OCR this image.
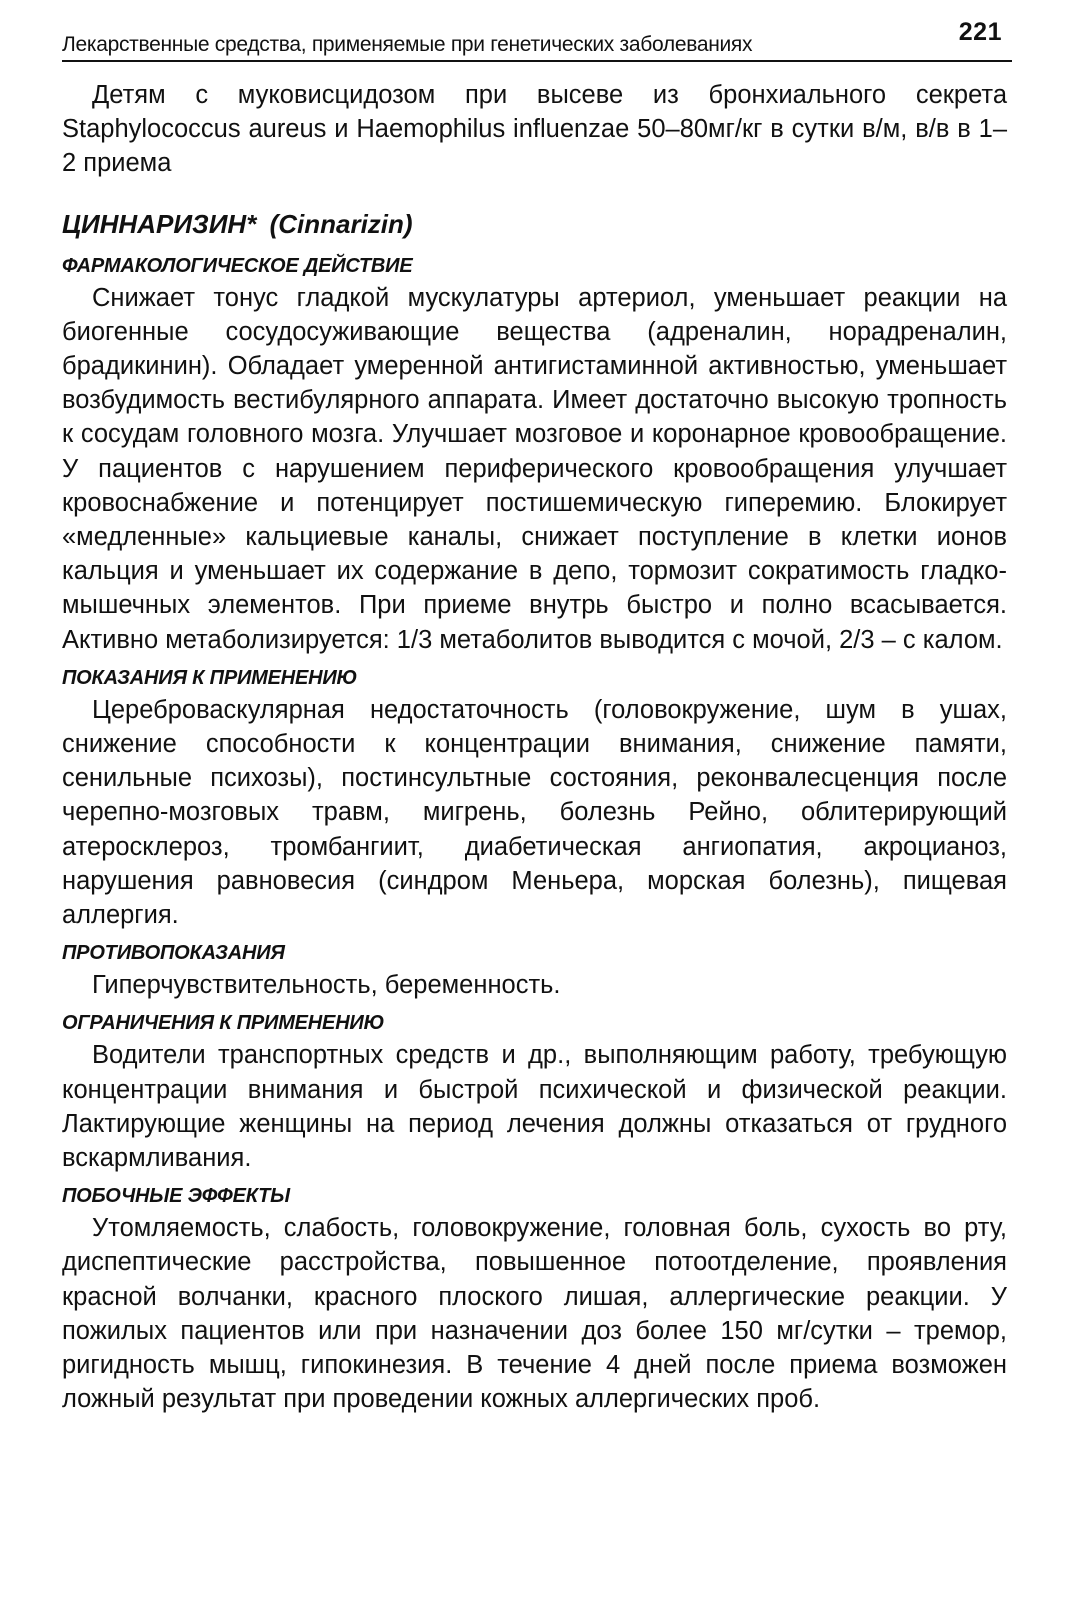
Лекарственные средства, применяемые при генетических заболеваниях	221

Детям с муковисцидозом при высеве из бронхиального секрета Staphylococcus aureus и Haemophilus influenzae 50–80мг/кг в сутки в/м, в/в в 1–2 приема

ЦИННАРИЗИН* (Cinnarizin)
ФАРМАКОЛОГИЧЕСКОЕ ДЕЙСТВИЕ

Снижает тонус гладкой мускулатуры артериол, уменьшает реакции на биогенные сосудосуживающие вещества (адреналин, норадреналин, брадикинин). Обладает умеренной антигистаминной активностью, уменьшает возбудимость вестибулярного аппарата. Имеет достаточно высокую тропность к сосудам головного мозга. Улучшает мозговое и коронарное кровообращение. У пациентов с нарушением периферического кровообращения улучшает кровоснабжение и потенцирует постишемическую гиперемию. Блокирует «медленные» кальциевые каналы, снижает поступление в клетки ионов кальция и уменьшает их содержание в депо, тормозит сократимость гладкомышечных элементов. При приеме внутрь быстро и полно всасывается. Активно метаболизируется: 1/3 метаболитов выводится с мочой, 2/3 – с калом.

ПОКАЗАНИЯ К ПРИМЕНЕНИЮ

Цереброваскулярная недостаточность (головокружение, шум в ушах, снижение способности к концентрации внимания, снижение памяти, сенильные психозы), постинсультные состояния, реконвалесценция после черепно-мозговых травм, мигрень, болезнь Рейно, облитерирующий атеросклероз, тромбангиит, диабетическая ангиопатия, акроцианоз, нарушения равновесия (синдром Меньера, морская болезнь), пищевая аллергия.

ПРОТИВОПОКАЗАНИЯ

Гиперчувствительность, беременность.

ОГРАНИЧЕНИЯ К ПРИМЕНЕНИЮ

Водители транспортных средств и др., выполняющим работу, требующую концентрации внимания и быстрой психической и физической реакции. Лактирующие женщины на период лечения должны отказаться от грудного вскармливания.

ПОБОЧНЫЕ ЭФФЕКТЫ

Утомляемость, слабость, головокружение, головная боль, сухость во рту, диспептические расстройства, повышенное потоотделение, проявления красной волчанки, красного плоского лишая, аллергические реакции. У пожилых пациентов или при назначении доз более 150 мг/сутки – тремор, ригидность мышц, гипокинезия. В течение 4 дней после приема возможен ложный результат при проведении кожных аллергических проб.
